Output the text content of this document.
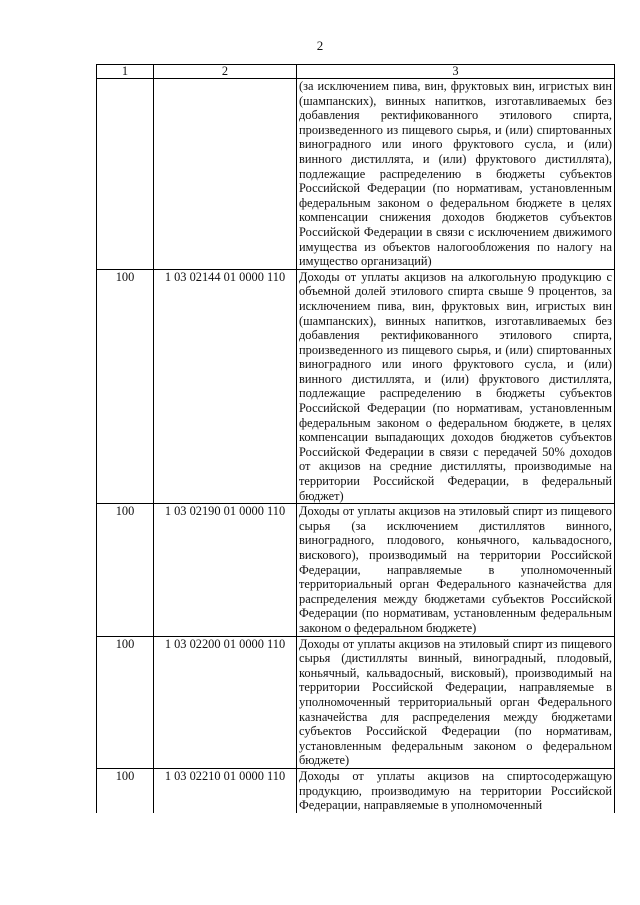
2
1	2	3
		(за исключением пива, вин, фруктовых вин, игристых вин (шампанских), винных напитков, изготавливаемых без добавления ректификованного этилового спирта, произведенного из пищевого сырья, и (или) спиртованных виноградного или иного фруктового сусла, и (или) винного дистиллята, и (или) фруктового дистиллята), подлежащие распределению в бюджеты субъектов Российской Федерации (по нормативам, установленным федеральным законом о федеральном бюджете в целях компенсации снижения доходов бюджетов субъектов Российской Федерации в связи с исключением движимого имущества из объектов налогообложения по налогу на имущество организаций)
100	1 03 02144 01 0000 110	Доходы от уплаты акцизов на алкогольную продукцию с объемной долей этилового спирта свыше 9 процентов, за исключением пива, вин, фруктовых вин, игристых вин (шампанских), винных напитков, изготавливаемых без добавления ректификованного этилового спирта, произведенного из пищевого сырья, и (или) спиртованных виноградного или иного фруктового сусла, и (или) винного дистиллята, и (или) фруктового дистиллята, подлежащие распределению в бюджеты субъектов Российской Федерации (по нормативам, установленным федеральным законом о федеральном бюджете, в целях компенсации выпадающих доходов бюджетов субъектов Российской Федерации в связи с передачей 50% доходов от акцизов на средние дистилляты, производимые на территории Российской Федерации, в федеральный бюджет)
100	1 03 02190 01 0000 110	Доходы от уплаты акцизов на этиловый спирт из пищевого сырья (за исключением дистиллятов винного, виноградного, плодового, коньячного, кальвадосного, вискового), производимый на территории Российской Федерации, направляемые в уполномоченный территориальный орган Федерального казначейства для распределения между бюджетами субъектов Российской Федерации (по нормативам, установленным федеральным законом о федеральном бюджете)
100	1 03 02200 01 0000 110	Доходы от уплаты акцизов на этиловый спирт из пищевого сырья (дистилляты винный, виноградный, плодовый, коньячный, кальвадосный, висковый), производимый на территории Российской Федерации, направляемые в уполномоченный территориальный орган Федерального казначейства для распределения между бюджетами субъектов Российской Федерации (по нормативам, установленным федеральным законом о федеральном бюджете)
100	1 03 02210 01 0000 110	Доходы от уплаты акцизов на спиртосодержащую продукцию, производимую на территории Российской Федерации, направляемые в уполномоченный
